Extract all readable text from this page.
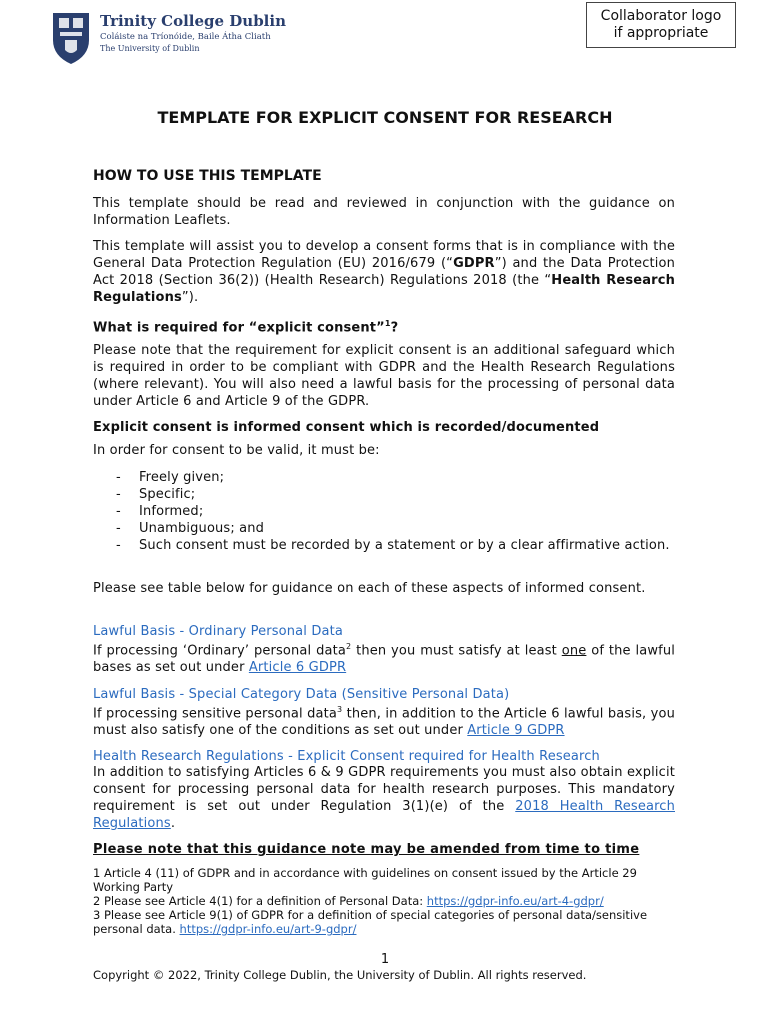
Trinity College Dublin
Coláiste na Tríonóide, Baile Átha Cliath
The University of Dublin
Collaborator logo
if appropriate
TEMPLATE FOR EXPLICIT CONSENT FOR RESEARCH
HOW TO USE THIS TEMPLATE
This template should be read and reviewed in conjunction with the guidance on Information Leaflets.
This template will assist you to develop a consent forms that is in compliance with the General Data Protection Regulation (EU) 2016/679 (“GDPR”) and the Data Protection Act 2018 (Section 36(2)) (Health Research) Regulations 2018 (the “Health Research Regulations”).
What is required for “explicit consent”$^1$?
Please note that the requirement for explicit consent is an additional safeguard which is required in order to be compliant with GDPR and the Health Research Regulations (where relevant). You will also need a lawful basis for the processing of personal data under Article 6 and Article 9 of the GDPR.
Explicit consent is informed consent which is recorded/documented
In order for consent to be valid, it must be:
- Freely given;
- Specific;
- Informed;
- Unambiguous; and
- Such consent must be recorded by a statement or by a clear affirmative action.
Please see table below for guidance on each of these aspects of informed consent.
Lawful Basis - Ordinary Personal Data
If processing ‘Ordinary’ personal data$^2$ then you must satisfy at least one of the lawful bases as set out under Article 6 GDPR
Lawful Basis - Special Category Data (Sensitive Personal Data)
If processing sensitive personal data$^3$ then, in addition to the Article 6 lawful basis, you must also satisfy one of the conditions as set out under Article 9 GDPR
Health Research Regulations - Explicit Consent required for Health Research
In addition to satisfying Articles 6 & 9 GDPR requirements you must also obtain explicit consent for processing personal data for health research purposes. This mandatory requirement is set out under Regulation 3(1)(e) of the 2018 Health Research Regulations.
Please note that this guidance note may be amended from time to time
1 Article 4 (11) of GDPR and in accordance with guidelines on consent issued by the Article 29 Working Party
2 Please see Article 4(1) for a definition of Personal Data: https://gdpr-info.eu/art-4-gdpr/
3 Please see Article 9(1) of GDPR for a definition of special categories of personal data/sensitive personal data. https://gdpr-info.eu/art-9-gdpr/
1
Copyright © 2022, Trinity College Dublin, the University of Dublin. All rights reserved.
